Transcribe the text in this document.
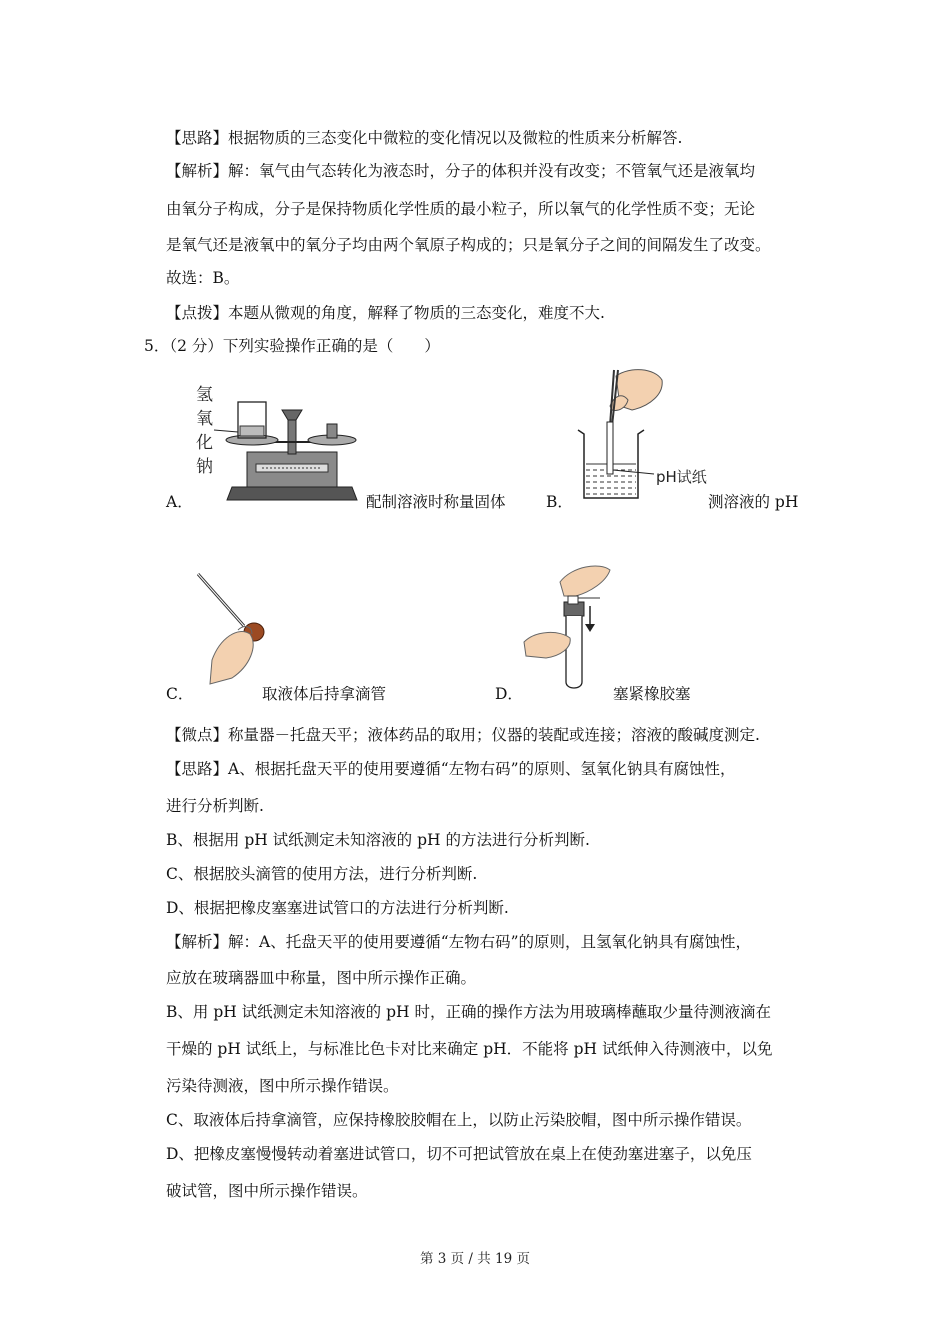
【思路】根据物质的三态变化中微粒的变化情况以及微粒的性质来分析解答.
【解析】解：氧气由气态转化为液态时，分子的体积并没有改变；不管氧气还是液氧均
由氧分子构成，分子是保持物质化学性质的最小粒子，所以氧气的化学性质不变；无论
是氧气还是液氧中的氧分子均由两个氧原子构成的；只是氧分子之间的间隔发生了改变。
故选：B。
【点拨】本题从微观的角度，解释了物质的三态变化，难度不大.
5．（2 分）下列实验操作正确的是（　　）
A．
氢
氧
化
钠
配制溶液时称量固体	B．
pH试纸
测溶液的 pH
C．	取液体后持拿滴管	D．	塞紧橡胶塞
【微点】称量器－托盘天平；液体药品的取用；仪器的装配或连接；溶液的酸碱度测定.
【思路】A、根据托盘天平的使用要遵循“左物右码”的原则、氢氧化钠具有腐蚀性，
进行分析判断.
B、根据用 pH 试纸测定未知溶液的 pH 的方法进行分析判断.
C、根据胶头滴管的使用方法，进行分析判断.
D、根据把橡皮塞塞进试管口的方法进行分析判断.
【解析】解：A、托盘天平的使用要遵循“左物右码”的原则，且氢氧化钠具有腐蚀性，
应放在玻璃器皿中称量，图中所示操作正确。
B、用 pH 试纸测定未知溶液的 pH 时，正确的操作方法为用玻璃棒蘸取少量待测液滴在
干燥的 pH 试纸上，与标准比色卡对比来确定 pH．不能将 pH 试纸伸入待测液中，以免
污染待测液，图中所示操作错误。
C、取液体后持拿滴管，应保持橡胶胶帽在上，以防止污染胶帽，图中所示操作错误。
D、把橡皮塞慢慢转动着塞进试管口，切不可把试管放在桌上在使劲塞进塞子，以免压
破试管，图中所示操作错误。
第 3 页 / 共 19 页
